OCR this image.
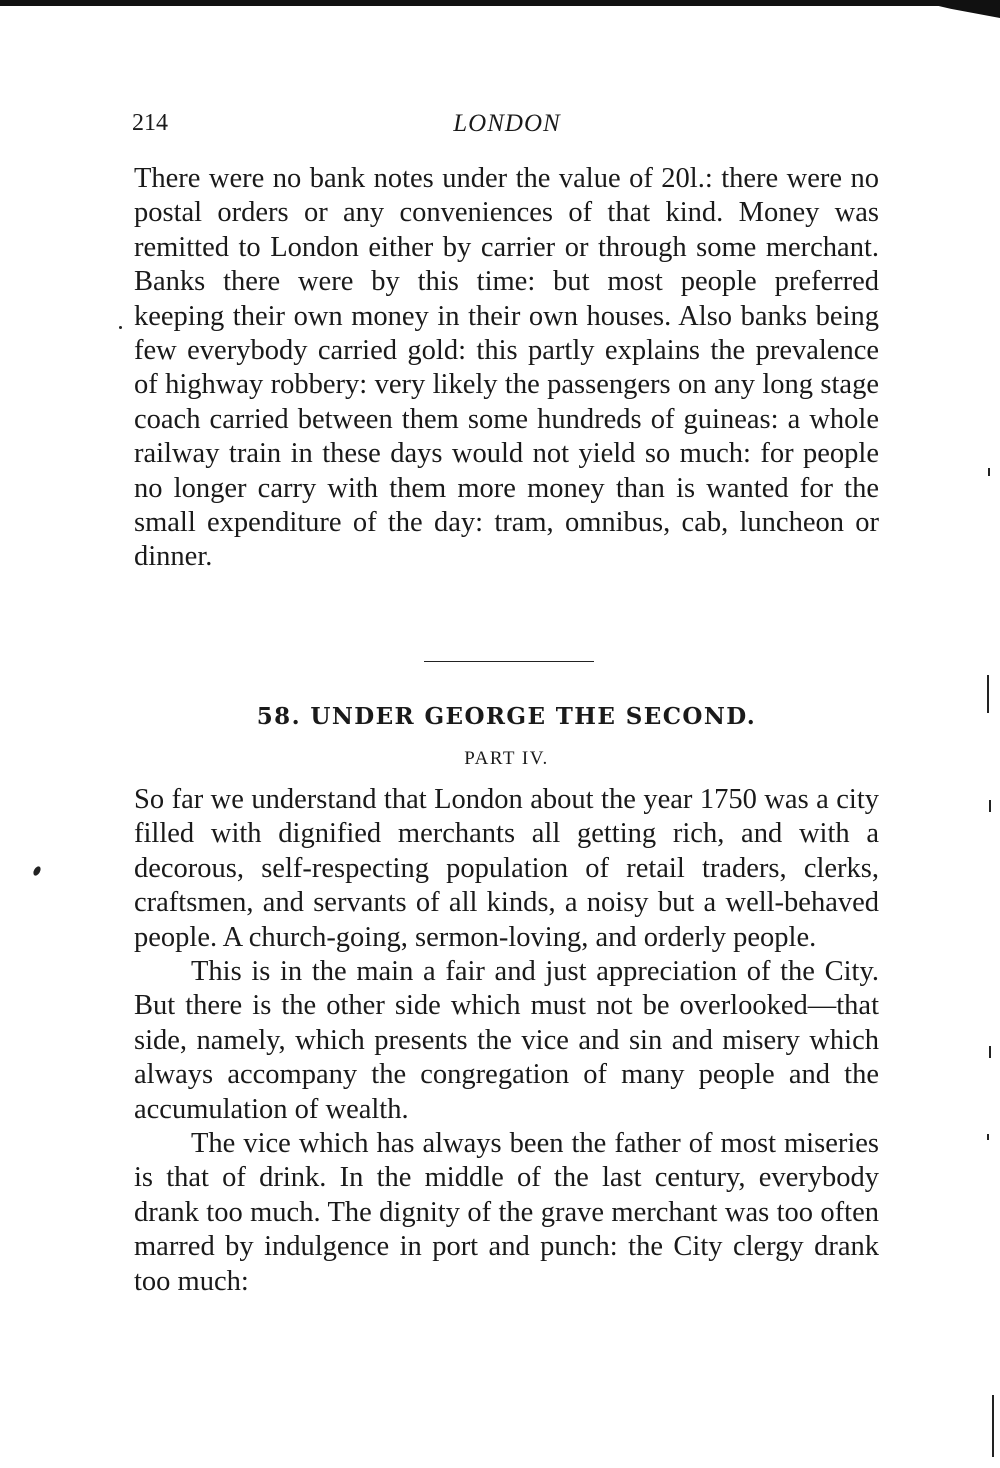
214	LONDON

There were no bank notes under the value of 20l.: there were no postal orders or any conveniences of that kind. Money was remitted to London either by carrier or through some merchant. Banks there were by this time: but most people preferred keeping their own money in their own houses. Also banks being few everybody carried gold: this partly explains the prevalence of highway robbery: very likely the passengers on any long stage coach carried between them some hundreds of guineas: a whole railway train in these days would not yield so much: for people no longer carry with them more money than is wanted for the small expenditure of the day: tram, omnibus, cab, luncheon or dinner.

58. UNDER GEORGE THE SECOND.
PART IV.

So far we understand that London about the year 1750 was a city filled with dignified merchants all getting rich, and with a decorous, self-respecting population of retail traders, clerks, craftsmen, and servants of all kinds, a noisy but a well-behaved people. A church-going, sermon-loving, and orderly people.

This is in the main a fair and just appreciation of the City. But there is the other side which must not be overlooked—that side, namely, which presents the vice and sin and misery which always accompany the congregation of many people and the accumulation of wealth.

The vice which has always been the father of most miseries is that of drink. In the middle of the last century, everybody drank too much. The dignity of the grave merchant was too often marred by indulgence in port and punch: the City clergy drank too much:
